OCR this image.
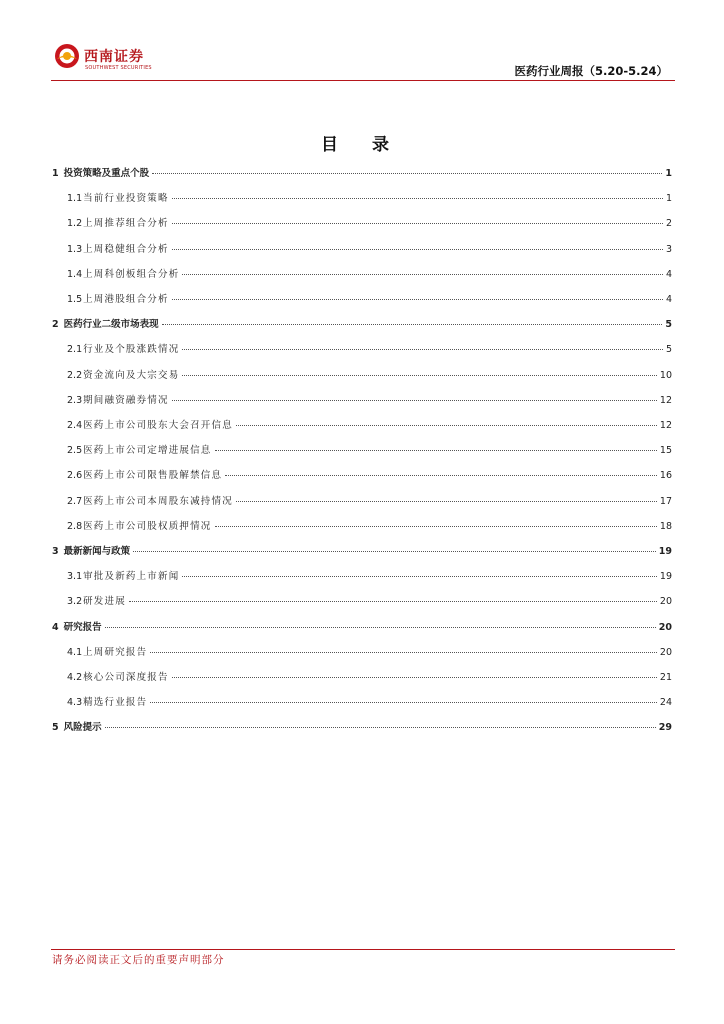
西南证券
SOUTHWEST SECURITIES	医药行业周报（5.20-5.24）
目 录
1 投资策略及重点个股	1
1.1 当前行业投资策略	1
1.2 上周推荐组合分析	2
1.3 上周稳健组合分析	3
1.4 上周科创板组合分析	4
1.5 上周港股组合分析	4
2 医药行业二级市场表现	5
2.1 行业及个股涨跌情况	5
2.2 资金流向及大宗交易	10
2.3 期间融资融券情况	12
2.4 医药上市公司股东大会召开信息	12
2.5 医药上市公司定增进展信息	15
2.6 医药上市公司限售股解禁信息	16
2.7 医药上市公司本周股东减持情况	17
2.8 医药上市公司股权质押情况	18
3 最新新闻与政策	19
3.1 审批及新药上市新闻	19
3.2 研发进展	20
4 研究报告	20
4.1 上周研究报告	20
4.2 核心公司深度报告	21
4.3 精选行业报告	24
5 风险提示	29
请务必阅读正文后的重要声明部分
